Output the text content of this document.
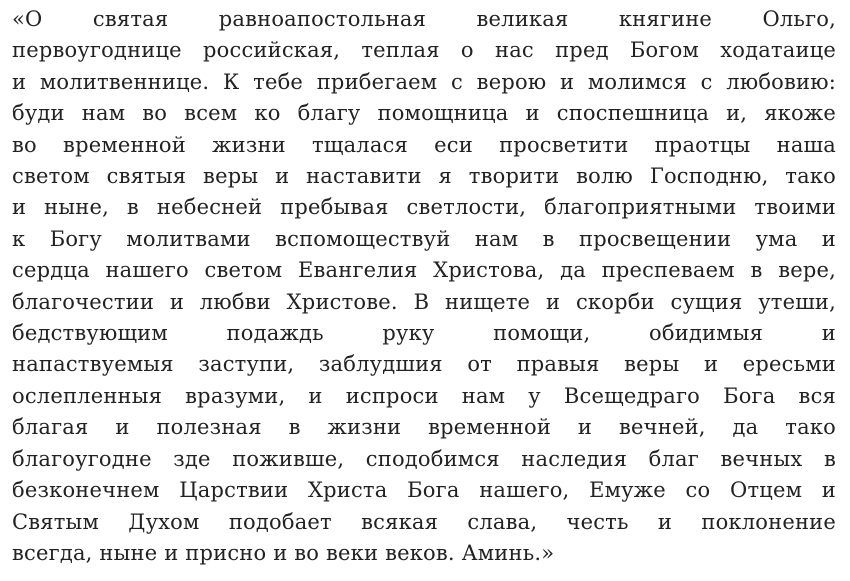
«О святая равноапостольная великая княгине Ольго,
первоугоднице российская, теплая о нас пред Богом ходатаице
и молитвеннице. К тебе прибегаем с верою и молимся с любовию:
буди нам во всем ко благу помощница и споспешница и, якоже
во временной жизни тщалася еси просветити праотцы наша
светом святыя веры и наставити я творити волю Господню, тако
и ныне, в небесней пребывая светлости, благоприятными твоими
к Богу молитвами вспомоществуй нам в просвещении ума и
сердца нашего светом Евангелия Христова, да преспеваем в вере,
благочестии и любви Христовe. В нищете и скорби сущия утеши,
бедствующим подаждь руку помощи, обидимыя и
напаствуемыя заступи, заблудшия от правыя веры и ересьми
ослепленныя вразуми, и испроси нам у Всещедраго Бога вся
благая и полезная в жизни временной и вечней, да тако
благоугодне зде поживше, сподобимся наследия благ вечных в
безконечнем Царствии Христа Бога нашего, Емуже со Отцем и
Святым Духом подобает всякая слава, честь и поклонение
всегда, ныне и присно и во веки веков. Аминь.»
